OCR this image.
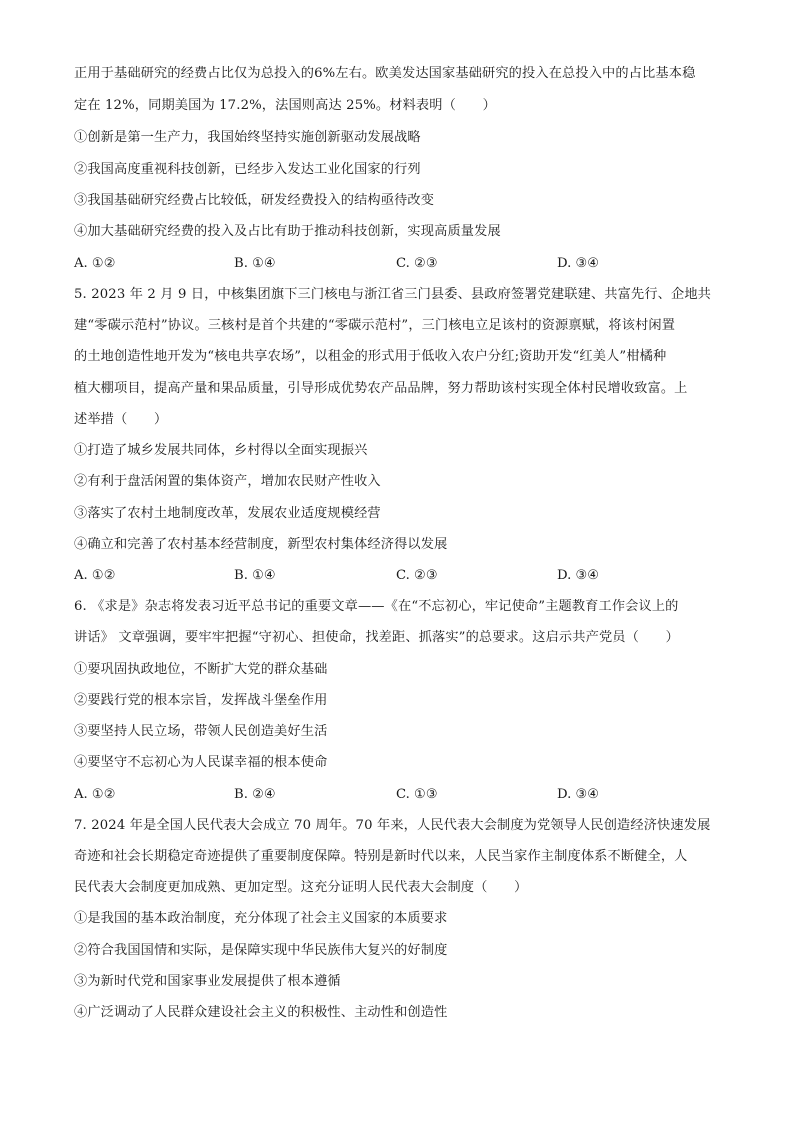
正用于基础研究的经费占比仅为总投入的6%左右。欧美发达国家基础研究的投入在总投入中的占比基本稳
定在 12%，同期美国为 17.2%，法国则高达 25%。材料表明（　　）
①创新是第一生产力，我国始终坚持实施创新驱动发展战略
②我国高度重视科技创新，已经步入发达工业化国家的行列
③我国基础研究经费占比较低，研发经费投入的结构亟待改变
④加大基础研究经费的投入及占比有助于推动科技创新，实现高质量发展
A. ①②	B. ①④	C. ②③	D. ③④
5. 2023 年 2 月 9 日，中核集团旗下三门核电与浙江省三门县委、县政府签署党建联建、共富先行、企地共
建“零碳示范村”协议。三核村是首个共建的“零碳示范村”，三门核电立足该村的资源禀赋，将该村闲置
的土地创造性地开发为“核电共享农场”，以租金的形式用于低收入农户分红;资助开发“红美人”柑橘种
植大棚项目，提高产量和果品质量，引导形成优势农产品品牌，努力帮助该村实现全体村民增收致富。上
述举措（　　）
①打造了城乡发展共同体，乡村得以全面实现振兴
②有利于盘活闲置的集体资产，增加农民财产性收入
③落实了农村土地制度改革，发展农业适度规模经营
④确立和完善了农村基本经营制度，新型农村集体经济得以发展
A. ①②	B. ①④	C. ②③	D. ③④
6. 《求是》杂志将发表习近平总书记的重要文章——《在“不忘初心，牢记使命”主题教育工作会议上的
讲话》 文章强调，要牢牢把握“守初心、担使命，找差距、抓落实”的总要求。这启示共产党员（　　）
①要巩固执政地位，不断扩大党的群众基础
②要践行党的根本宗旨，发挥战斗堡垒作用
③要坚持人民立场，带领人民创造美好生活
④要坚守不忘初心为人民谋幸福的根本使命
A. ①②	B. ②④	C. ①③	D. ③④
7. 2024 年是全国人民代表大会成立 70 周年。70 年来，人民代表大会制度为党领导人民创造经济快速发展
奇迹和社会长期稳定奇迹提供了重要制度保障。特别是新时代以来，人民当家作主制度体系不断健全，人
民代表大会制度更加成熟、更加定型。这充分证明人民代表大会制度（　　）
①是我国的基本政治制度，充分体现了社会主义国家的本质要求
②符合我国国情和实际，是保障实现中华民族伟大复兴的好制度
③为新时代党和国家事业发展提供了根本遵循
④广泛调动了人民群众建设社会主义的积极性、主动性和创造性
